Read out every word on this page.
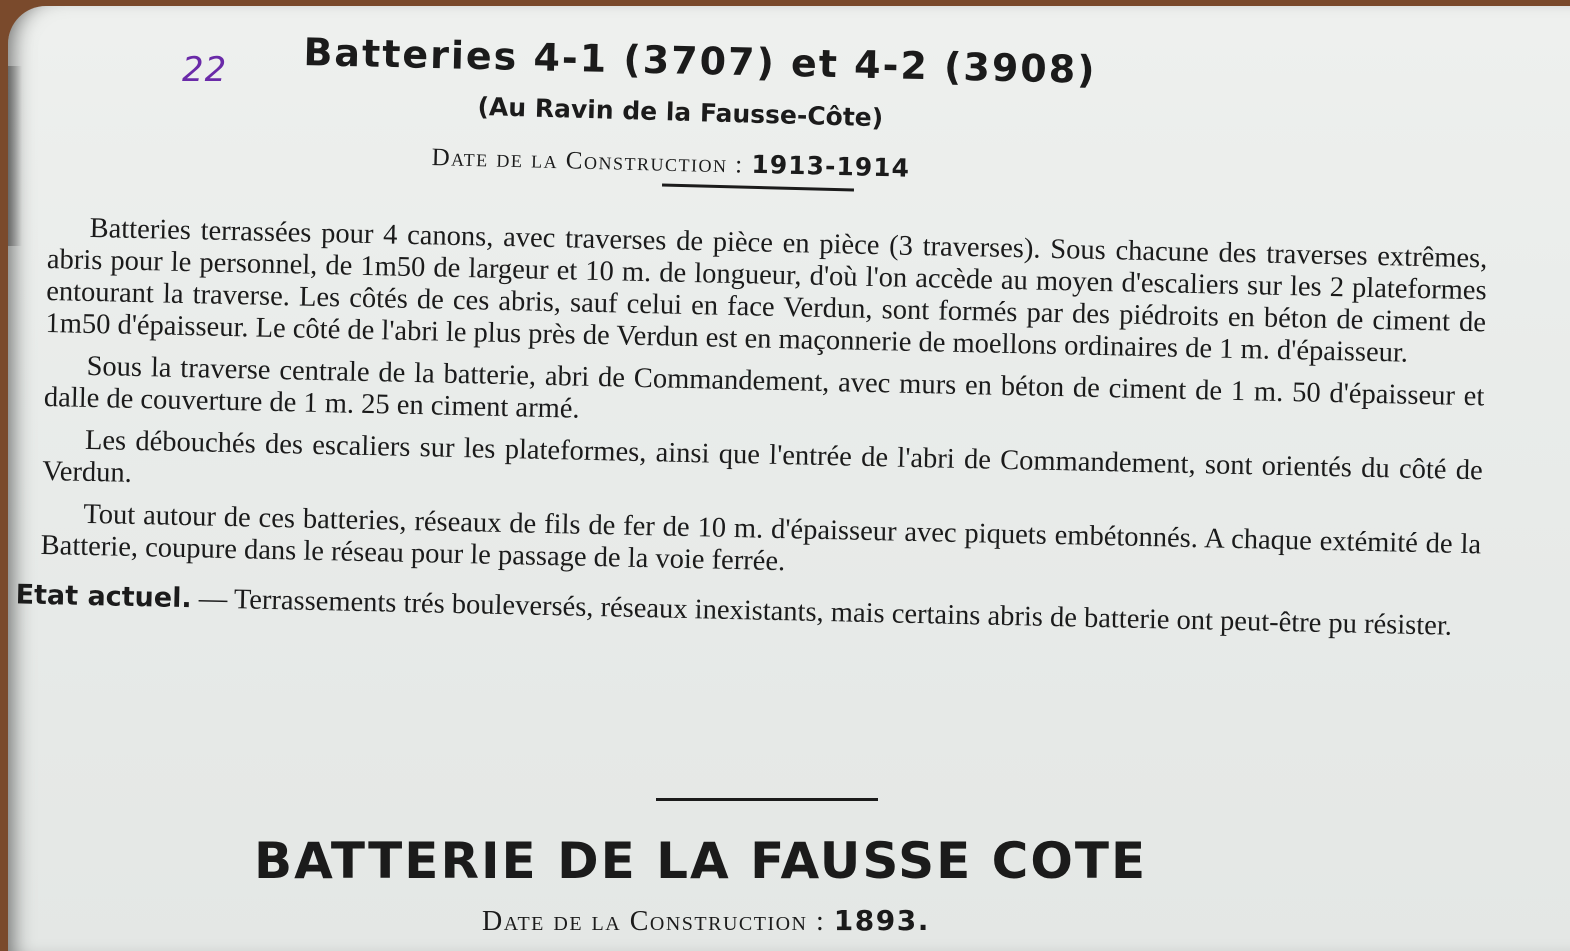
22 Batteries 4-1 (3707) et 4-2 (3908)
(Au Ravin de la Fausse-Côte)
Date de la Construction : 1913-1914

Batteries terrassées pour 4 canons, avec traverses de pièce en pièce (3 traverses). Sous chacune des traverses extrêmes, abris pour le personnel, de 1m50 de largeur et 10 m. de longueur, d'où l'on accède au moyen d'escaliers sur les 2 plateformes entourant la traverse. Les côtés de ces abris, sauf celui en face Verdun, sont formés par des piédroits en béton de ciment de 1m50 d'épaisseur. Le côté de l'abri le plus près de Verdun est en maçonnerie de moellons ordinaires de 1 m. d'épaisseur.

Sous la traverse centrale de la batterie, abri de Commandement, avec murs en béton de ciment de 1 m. 50 d'épaisseur et dalle de couverture de 1 m. 25 en ciment armé.

Les débouchés des escaliers sur les plateformes, ainsi que l'entrée de l'abri de Commandement, sont orientés du côté de Verdun.

Tout autour de ces batteries, réseaux de fils de fer de 10 m. d'épaisseur avec piquets embétonnés. A chaque extémité de la Batterie, coupure dans le réseau pour le passage de la voie ferrée.

Etat actuel. — Terrassements trés bouleversés, réseaux inexistants, mais certains abris de batterie ont peut-être pu résister.

BATTERIE DE LA FAUSSE COTE
Date de la Construction : 1893.
